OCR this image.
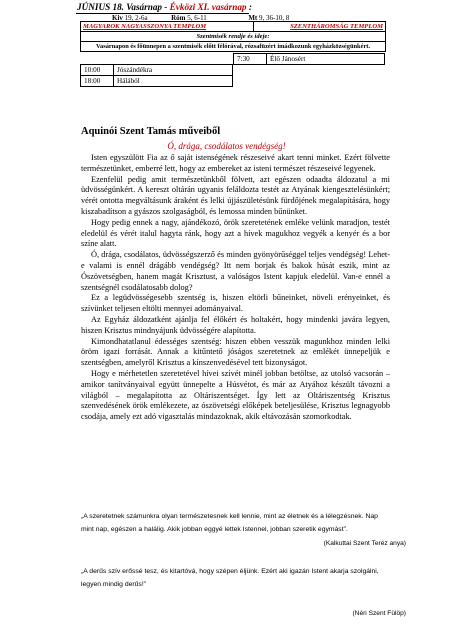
JÚNIUS 18. Vasárnap - Évközi XI. vasárnap :
Kiv 19, 2-6a	Róm 5, 6-11	Mt 9, 36-10, 8
MAGYAROK NAGYASSZONYA TEMPLOM	SZENTHÁROMSÁG TEMPLOM
Szentmisék rendje és ideje:
Vasárnapon és főünnepen a szentmisék előtt félórával, rózsafüzért imádkozunk egyházközségünkért.
7:30	Élő Jánosért
10:00	Jószándékra
18:00	Hálából
Aquinói Szent Tamás műveiből
Ó, drága, csodálatos vendégség!

Isten egyszülött Fia az ő saját istenségének részeseivé akart tenni minket. Ezért fölvette természetünket, emberré lett, hogy az embereket az isteni természet részeseivé legyenek.

Ezenfelül pedig amit természetünkből fölvett, azt egészen odaadta áldozatul a mi üdvösségünkért. A kereszt oltárán ugyanis feláldozta testét az Atyának kiengesztelésünkért; vérét ontotta megváltásunk áraként és lelki újjászületésünk fürdőjének megalapítására, hogy kiszabadítson a gyászos szolgaságból, és lemossa minden bűnünket.

Hogy pedig ennek a nagy, ajándékozó, örök szeretetének emléke velünk maradjon, testét eledelül és vérét italul hagyta ránk, hogy azt a hívek magukhoz vegyék a kenyér és a bor színe alatt.

Ó, drága, csodálatos, üdvösségszerző és minden gyönyörűséggel teljes vendégség! Lehet-e valami is ennél drágább vendégség? Itt nem borjak és bakok húsát eszik, mint az Ószövetségben, hanem magát Krisztust, a valóságos Istent kapjuk eledelül. Van-e ennél a szentségnél csodálatosabb dolog?

Ez a legüdvösségesebb szentség is, hiszen eltörli bűneinket, növeli erényeinket, és szívünket teljesen eltölti mennyei adományaival.

Az Egyház áldozatként ajánlja fel élőkért és holtakért, hogy mindenki javára legyen, hiszen Krisztus mindnyájunk üdvösségére alapította.

Kimondhatatlanul édességes szentség: hiszen ebben vesszük magunkhoz minden lelki öröm igazi forrását. Annak a kitűntető jóságos szeretetnek az emlékét ünnepeljük e szentségben, amelyről Krisztus a kínszenvedésével tett bizonyságot.

Hogy e mérhetetlen szeretetével hívei szívét minél jobban betöltse, az utolsó vacsorán – amikor tanítványaival együtt ünnepelte a Húsvétot, és már az Atyához készült távozni a világból – megalapította az Oltáriszentséget. Így lett az Oltáriszentség Krisztus szenvedésének örök emlékezete, az ószövetségi előképek beteljesülése, Krisztus legnagyobb csodája, amely ezt adó vigasztalás mindazoknak, akik eltávozásán szomorkodtak.

„A szeretetnek számunkra olyan természetesnek kell lennie, mint az életnek és a lélegzésnek. Nap mint nap, egészen a halálig. Akik jobban eggyé lettek Istennel, jobban szeretik egymást”.
(Kalkuttai Szent Teréz anya)
„A derűs szív erőssé tesz, és kitartóvá, hogy szépen éljünk. Ezért aki igazán Istent akarja szolgálni, legyen mindig derűs!”
(Néri Szent Fülöp)
